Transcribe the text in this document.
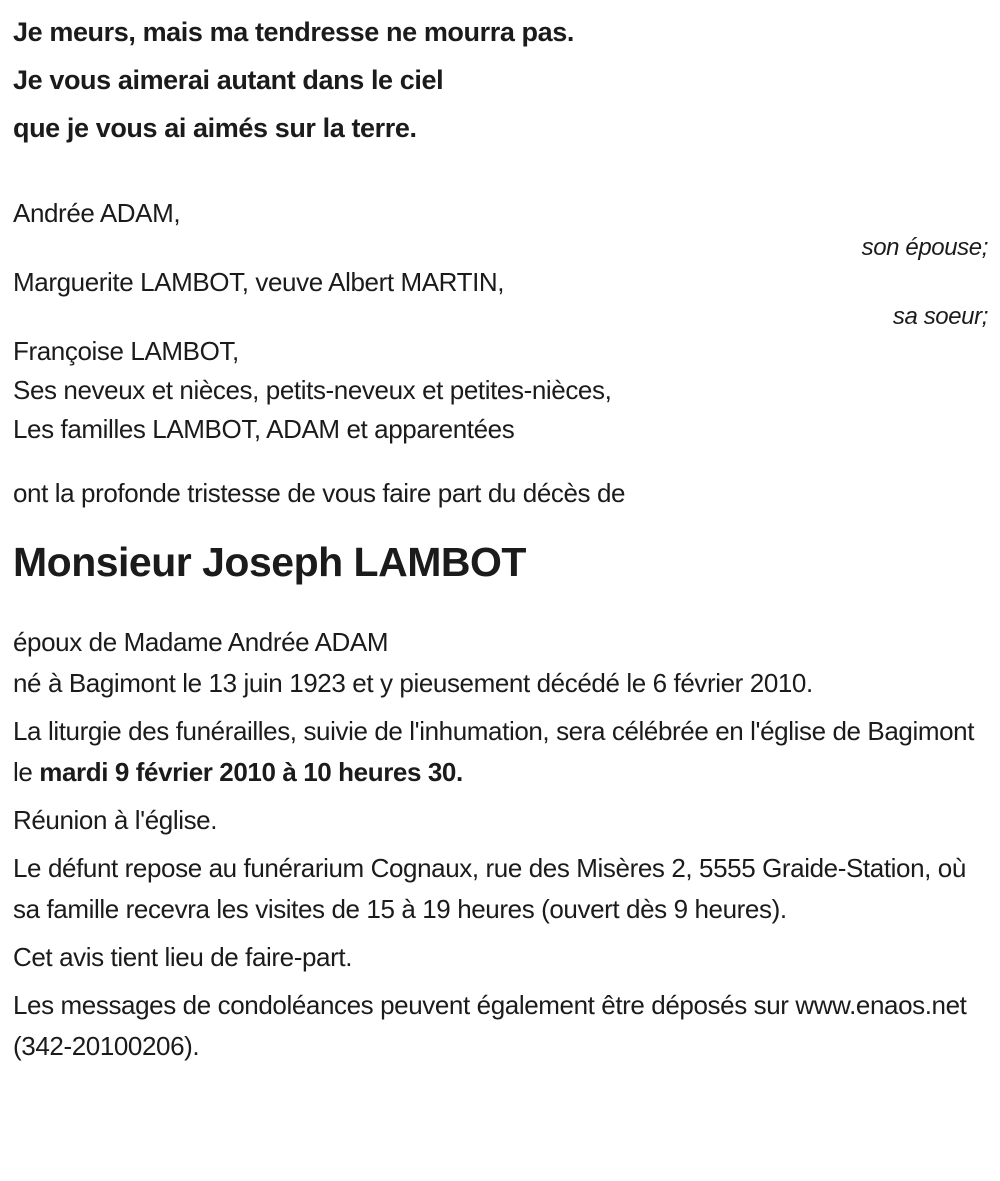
Je meurs, mais ma tendresse ne mourra pas.

Je vous aimerai autant dans le ciel

que je vous ai aimés sur la terre.

Andrée ADAM,

son épouse;

Marguerite LAMBOT, veuve Albert MARTIN,

sa soeur;

Françoise LAMBOT,

Ses neveux et nièces, petits-neveux et petites-nièces,

Les familles LAMBOT, ADAM et apparentées

ont la profonde tristesse de vous faire part du décès de

Monsieur Joseph LAMBOT

époux de Madame Andrée ADAM

né à Bagimont le 13 juin 1923 et y pieusement décédé le 6 février 2010.

La liturgie des funérailles, suivie de l'inhumation, sera célébrée en l'église de Bagimont le mardi 9 février 2010 à 10 heures 30.

Réunion à l'église.

Le défunt repose au funérarium Cognaux, rue des Misères 2, 5555 Graide-Station, où sa famille recevra les visites de 15 à 19 heures (ouvert dès 9 heures).

Cet avis tient lieu de faire-part.

Les messages de condoléances peuvent également être déposés sur www.enaos.net (342-20100206).
